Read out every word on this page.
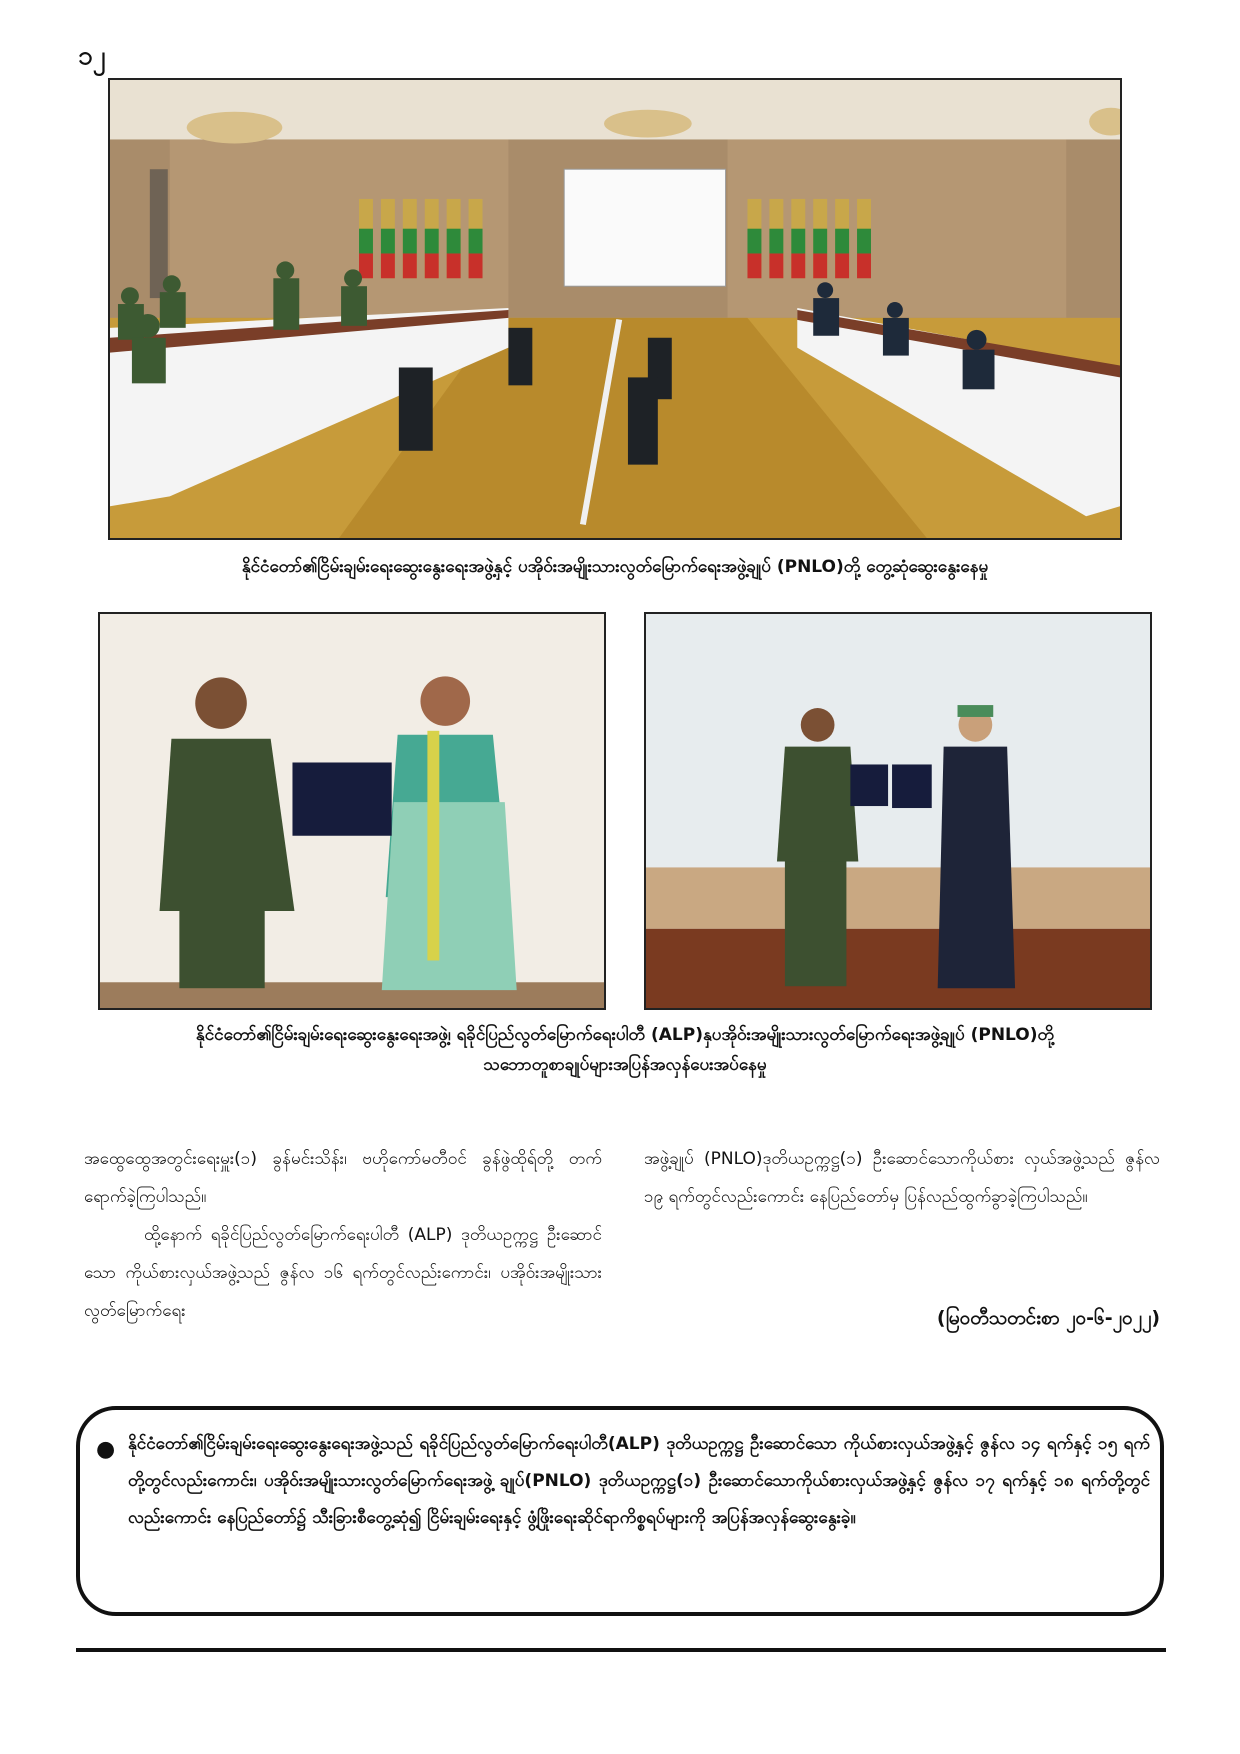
၁၂
နိုင်ငံတော်၏ငြိမ်းချမ်းရေးဆွေးနွေးရေးအဖွဲ့နှင့် ပအိုဝ်းအမျိုးသားလွတ်မြောက်ရေးအဖွဲ့ချုပ် (PNLO)တို့ တွေ့ဆုံဆွေးနွေးနေမှု
နိုင်ငံတော်၏ငြိမ်းချမ်းရေးဆွေးနွေးရေးအဖွဲ့၊ ရခိုင်ပြည်လွတ်မြောက်ရေးပါတီ (ALP)နှပအိုဝ်းအမျိုးသားလွတ်မြောက်ရေးအဖွဲ့ချုပ် (PNLO)တို့
သဘောတူစာချုပ်များအပြန်အလှန်ပေးအပ်နေမှု

အထွေထွေအတွင်းရေးမှူး(၁) ခွန်မင်းသိန်း၊ ဗဟိုကော်မတီဝင် ခွန်ဖွဲထိုရ်တို့ တက်ရောက်ခဲ့ကြပါသည်။

ထို့နောက် ရခိုင်ပြည်လွတ်မြောက်ရေးပါတီ (ALP) ဒုတိယဥက္ကဋ္ဌ ဦးဆောင်သော ကိုယ်စားလှယ်အဖွဲ့သည် ဇွန်လ ၁၆ ရက်တွင်လည်းကောင်း၊ ပအိုဝ်းအမျိုးသားလွတ်မြောက်ရေး

အဖွဲ့ချုပ် (PNLO)ဒုတိယဥက္ကဋ္ဌ(၁) ဦးဆောင်သောကိုယ်စား လှယ်အဖွဲ့သည် ဇွန်လ ၁၉ ရက်တွင်လည်းကောင်း နေပြည်တော်မှ ပြန်လည်ထွက်ခွာခဲ့ကြပါသည်။

(မြဝတီသတင်းစာ ၂၀-၆-၂၀၂၂)
● နိုင်ငံတော်၏ငြိမ်းချမ်းရေးဆွေးနွေးရေးအဖွဲ့သည် ရခိုင်ပြည်လွတ်မြောက်ရေးပါတီ(ALP) ဒုတိယဥက္ကဋ္ဌ ဦးဆောင်သော ကိုယ်စားလှယ်အဖွဲ့နှင့် ဇွန်လ ၁၄ ရက်နှင့် ၁၅ ရက်တို့တွင်လည်းကောင်း၊ ပအိုဝ်းအမျိုးသားလွတ်မြောက်ရေးအဖွဲ့ ချုပ်(PNLO) ဒုတိယဥက္ကဋ္ဌ(၁) ဦးဆောင်သောကိုယ်စားလှယ်အဖွဲ့နှင့် ဇွန်လ ၁၇ ရက်နှင့် ၁၈ ရက်တို့တွင်လည်းကောင်း နေပြည်တော်၌ သီးခြားစီတွေ့ဆုံ၍ ငြိမ်းချမ်းရေးနှင့် ဖွံ့ဖြိုးရေးဆိုင်ရာကိစ္စရပ်များကို အပြန်အလှန်ဆွေးနွေးခဲ့။
